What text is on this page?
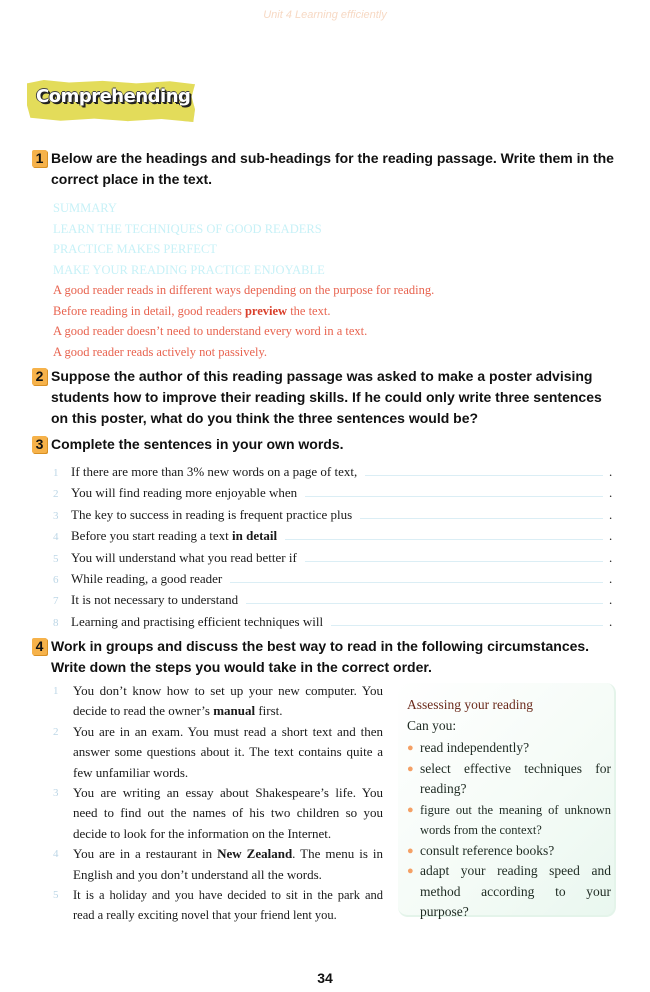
Unit 4 Learning efficiently
Comprehending
1 Below are the headings and sub-headings for the reading passage. Write them in the correct place in the text.
SUMMARY
LEARN THE TECHNIQUES OF GOOD READERS
PRACTICE MAKES PERFECT
MAKE YOUR READING PRACTICE ENJOYABLE
A good reader reads in different ways depending on the purpose for reading.
Before reading in detail, good readers preview the text.
A good reader doesn’t need to understand every word in a text.
A good reader reads actively not passively.
2 Suppose the author of this reading passage was asked to make a poster advising students how to improve their reading skills. If he could only write three sentences on this poster, what do you think the three sentences would be?
3 Complete the sentences in your own words.
1 If there are more than 3% new words on a page of text,	.
2 You will find reading more enjoyable when	.
3 The key to success in reading is frequent practice plus	.
4 Before you start reading a text in detail	.
5 You will understand what you read better if	.
6 While reading, a good reader	.
7 It is not necessary to understand	.
8 Learning and practising efficient techniques will	.
4 Work in groups and discuss the best way to read in the following circumstances. Write down the steps you would take in the correct order.
1	You don’t know how to set up your new computer. You decide to read the owner’s manual first.
2	You are in an exam. You must read a short text and then answer some questions about it. The text contains quite a few unfamiliar words.
3	You are writing an essay about Shakespeare’s life. You need to find out the names of his two children so you decide to look for the information on the Internet.
4	You are in a restaurant in New Zealand. The menu is in English and you don’t understand all the words.
5	It is a holiday and you have decided to sit in the park and read a really exciting novel that your friend lent you.
Assessing your reading
Can you:
● read independently?
● select effective techniques for reading?
● figure out the meaning of unknown words from the context?
● consult reference books?
● adapt your reading speed and method according to your purpose?
34
